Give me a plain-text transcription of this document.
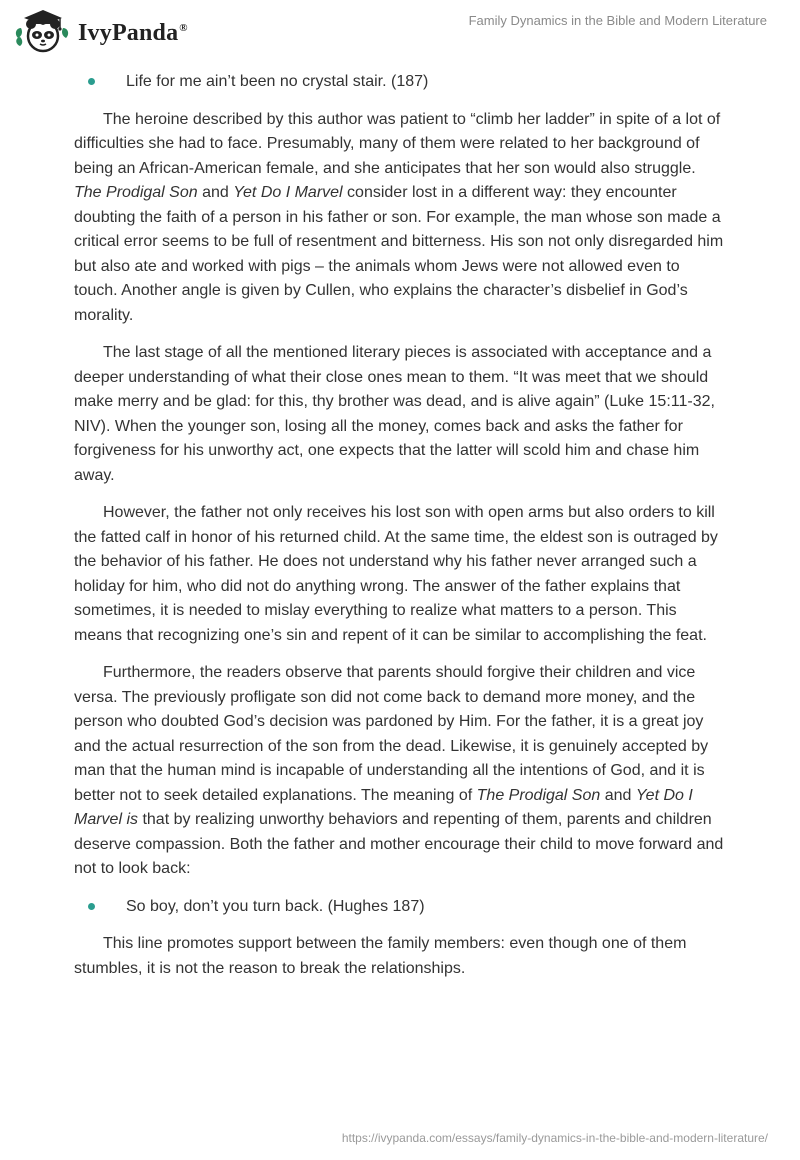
IvyPanda®	Family Dynamics in the Bible and Modern Literature
Life for me ain’t been no crystal stair. (187)

The heroine described by this author was patient to “climb her ladder” in spite of a lot of difficulties she had to face. Presumably, many of them were related to her background of being an African-American female, and she anticipates that her son would also struggle. The Prodigal Son and Yet Do I Marvel consider lost in a different way: they encounter doubting the faith of a person in his father or son. For example, the man whose son made a critical error seems to be full of resentment and bitterness. His son not only disregarded him but also ate and worked with pigs – the animals whom Jews were not allowed even to touch. Another angle is given by Cullen, who explains the character’s disbelief in God’s morality.

The last stage of all the mentioned literary pieces is associated with acceptance and a deeper understanding of what their close ones mean to them. “It was meet that we should make merry and be glad: for this, thy brother was dead, and is alive again” (Luke 15:11-32, NIV). When the younger son, losing all the money, comes back and asks the father for forgiveness for his unworthy act, one expects that the latter will scold him and chase him away.

However, the father not only receives his lost son with open arms but also orders to kill the fatted calf in honor of his returned child. At the same time, the eldest son is outraged by the behavior of his father. He does not understand why his father never arranged such a holiday for him, who did not do anything wrong. The answer of the father explains that sometimes, it is needed to mislay everything to realize what matters to a person. This means that recognizing one’s sin and repent of it can be similar to accomplishing the feat.

Furthermore, the readers observe that parents should forgive their children and vice versa. The previously profligate son did not come back to demand more money, and the person who doubted God’s decision was pardoned by Him. For the father, it is a great joy and the actual resurrection of the son from the dead. Likewise, it is genuinely accepted by man that the human mind is incapable of understanding all the intentions of God, and it is better not to seek detailed explanations. The meaning of The Prodigal Son and Yet Do I Marvel is that by realizing unworthy behaviors and repenting of them, parents and children deserve compassion. Both the father and mother encourage their child to move forward and not to look back:

So boy, don’t you turn back. (Hughes 187)

This line promotes support between the family members: even though one of them stumbles, it is not the reason to break the relationships.

https://ivypanda.com/essays/family-dynamics-in-the-bible-and-modern-literature/
